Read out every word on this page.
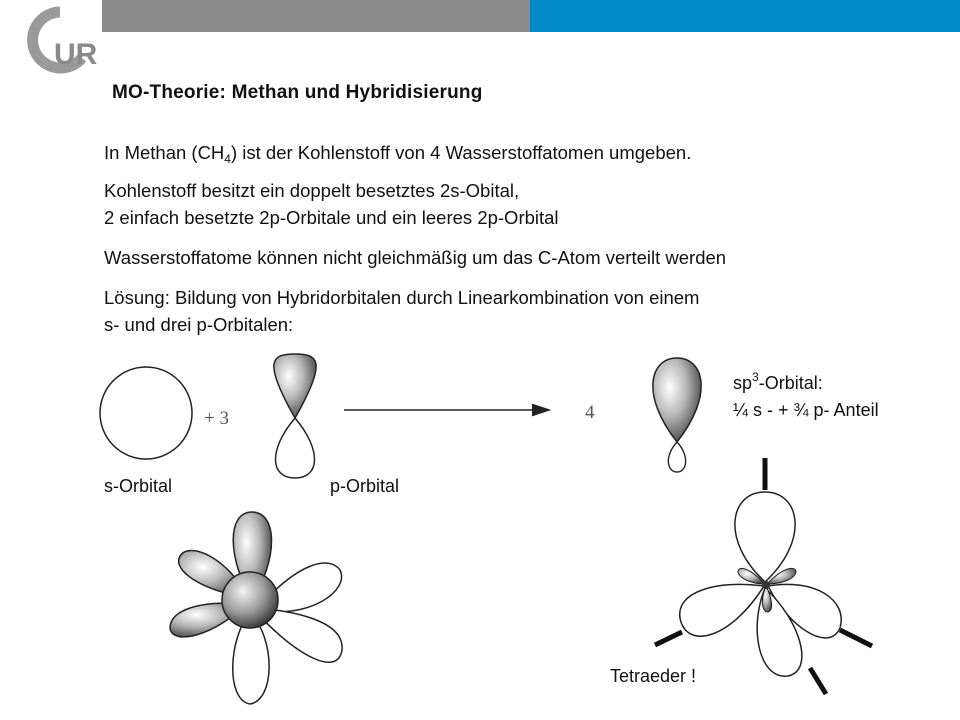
UR
MO-Theorie: Methan und Hybridisierung
In Methan $(CH_4)$ ist der Kohlenstoff von 4 Wasserstoffatomen umgeben.
Kohlenstoff besitzt ein doppelt besetztes 2s-Obital,
2 einfach besetzte 2p-Orbitale und ein leeres 2p-Orbital
Wasserstoffatome können nicht gleichmäßig um das C-Atom verteilt werden
Lösung: Bildung von Hybridorbitalen durch Linearkombination von einem
s- und drei p-Orbitalen:
+ 3	4
s-Orbital	p-Orbital
$sp^3$-Orbital:
¼ s - + ¾ p- Anteil
Tetraeder !
